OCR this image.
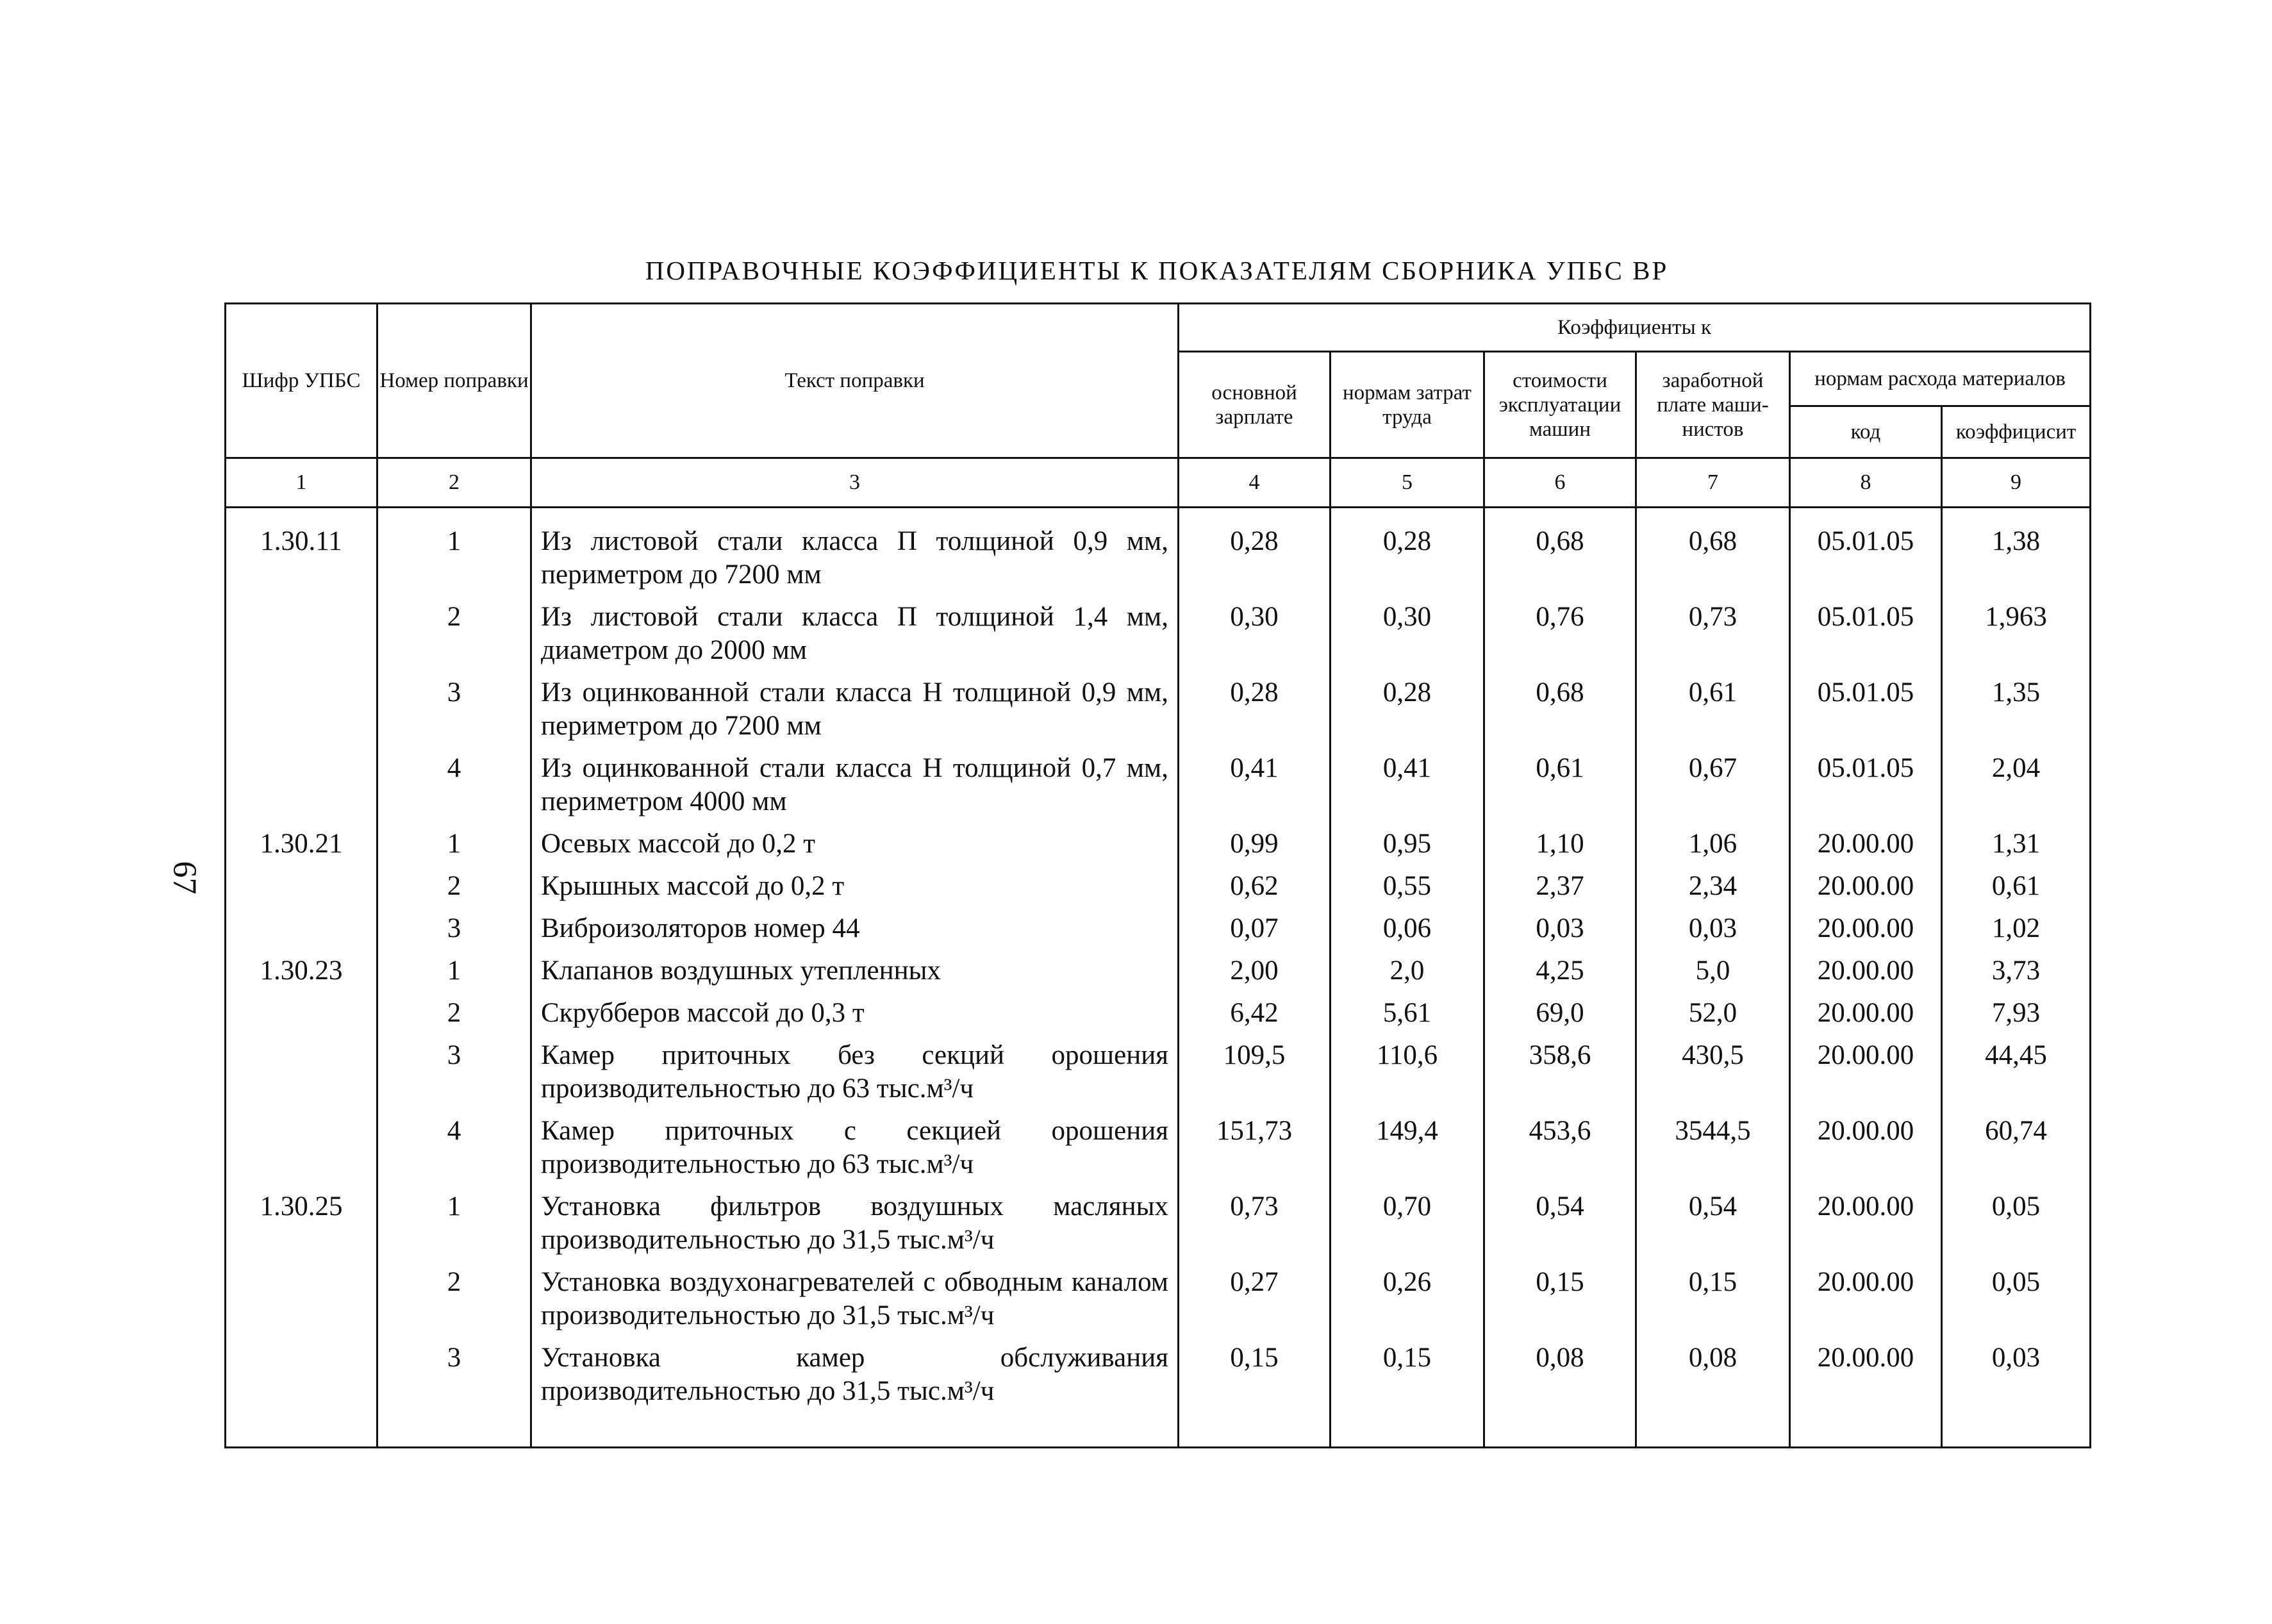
ПОПРАВОЧНЫЕ КОЭФФИЦИЕНТЫ К ПОКАЗАТЕЛЯМ СБОРНИКА УПБС ВР
67
Шифр УПБС	Номер поправки	Текст поправки	Коэффициенты к					
			основной зарплате	нормам затрат труда	стоимости эксплуатации машин	заработной плате маши-нистов	нормам расхода материалов	
							код	коэффицисит
1	2	3	4	5	6	7	8	9
1.30.11	1	Из листовой стали класса П толщиной 0,9 мм, периметром до 7200 мм	0,28	0,28	0,68	0,68	05.01.05	1,38
	2	Из листовой стали класса П толщиной 1,4 мм, диаметром до 2000 мм	0,30	0,30	0,76	0,73	05.01.05	1,963
	3	Из оцинкованной стали класса Н толщиной 0,9 мм, периметром до 7200 мм	0,28	0,28	0,68	0,61	05.01.05	1,35
	4	Из оцинкованной стали класса Н толщиной 0,7 мм, периметром 4000 мм	0,41	0,41	0,61	0,67	05.01.05	2,04
1.30.21	1	Осевых массой до 0,2 т	0,99	0,95	1,10	1,06	20.00.00	1,31
	2	Крышных массой до 0,2 т	0,62	0,55	2,37	2,34	20.00.00	0,61
	3	Виброизоляторов номер 44	0,07	0,06	0,03	0,03	20.00.00	1,02
1.30.23	1	Клапанов воздушных утепленных	2,00	2,0	4,25	5,0	20.00.00	3,73
	2	Скрубберов массой до 0,3 т	6,42	5,61	69,0	52,0	20.00.00	7,93
	3	Камер приточных без секций орошения производительностью до 63 тыс.м³/ч	109,5	110,6	358,6	430,5	20.00.00	44,45
	4	Камер приточных с секцией орошения производительностью до 63 тыс.м³/ч	151,73	149,4	453,6	3544,5	20.00.00	60,74
1.30.25	1	Установка фильтров воздушных масляных производительностью до 31,5 тыс.м³/ч	0,73	0,70	0,54	0,54	20.00.00	0,05
	2	Установка воздухонагревателей с обводным каналом производительностью до 31,5 тыс.м³/ч	0,27	0,26	0,15	0,15	20.00.00	0,05
	3	Установка камер обслуживания производительностью до 31,5 тыс.м³/ч	0,15	0,15	0,08	0,08	20.00.00	0,03
